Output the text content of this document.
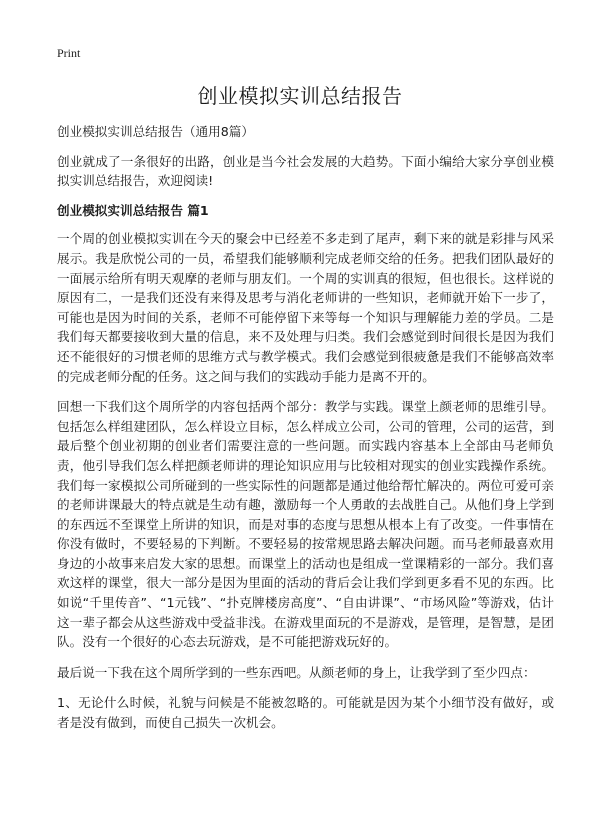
Print
创业模拟实训总结报告

创业模拟实训总结报告（通用8篇）

创业就成了一条很好的出路，创业是当今社会发展的大趋势。下面小编给大家分享创业模拟实训总结报告，欢迎阅读!

创业模拟实训总结报告 篇1

一个周的创业模拟实训在今天的聚会中已经差不多走到了尾声，剩下来的就是彩排与风采展示。我是欣悦公司的一员，希望我们能够顺利完成老师交给的任务。把我们团队最好的一面展示给所有明天观摩的老师与朋友们。一个周的实训真的很短，但也很长。这样说的原因有二，一是我们还没有来得及思考与消化老师讲的一些知识，老师就开始下一步了，可能也是因为时间的关系，老师不可能停留下来等每一个知识与理解能力差的学员。二是我们每天都要接收到大量的信息，来不及处理与归类。我们会感觉到时间很长是因为我们还不能很好的习惯老师的思维方式与教学模式。我们会感觉到很疲惫是我们不能够高效率的完成老师分配的任务。这之间与我们的实践动手能力是离不开的。

回想一下我们这个周所学的内容包括两个部分：教学与实践。课堂上颜老师的思维引导。包括怎么样组建团队，怎么样设立目标，怎么样成立公司，公司的管理，公司的运营，到最后整个创业初期的创业者们需要注意的一些问题。而实践内容基本上全部由马老师负责，他引导我们怎么样把颜老师讲的理论知识应用与比较相对现实的创业实践操作系统。我们每一家模拟公司所碰到的一些实际性的问题都是通过他给帮忙解决的。两位可爱可亲的老师讲课最大的特点就是生动有趣，激励每一个人勇敢的去战胜自己。从他们身上学到的东西远不至课堂上所讲的知识，而是对事的态度与思想从根本上有了改变。一件事情在你没有做时，不要轻易的下判断。不要轻易的按常规思路去解决问题。而马老师最喜欢用身边的小故事来启发大家的思想。而课堂上的活动也是组成一堂课精彩的一部分。我们喜欢这样的课堂，很大一部分是因为里面的活动的背后会让我们学到更多看不见的东西。比如说“千里传音”、“1元钱”、“扑克牌楼房高度”、“自由讲课”、“市场风险”等游戏，估计这一辈子都会从这些游戏中受益非浅。在游戏里面玩的不是游戏，是管理，是智慧，是团队。没有一个很好的心态去玩游戏，是不可能把游戏玩好的。

最后说一下我在这个周所学到的一些东西吧。从颜老师的身上，让我学到了至少四点：

1、无论什么时候，礼貌与问候是不能被忽略的。可能就是因为某个小细节没有做好，或者是没有做到，而使自己损失一次机会。
